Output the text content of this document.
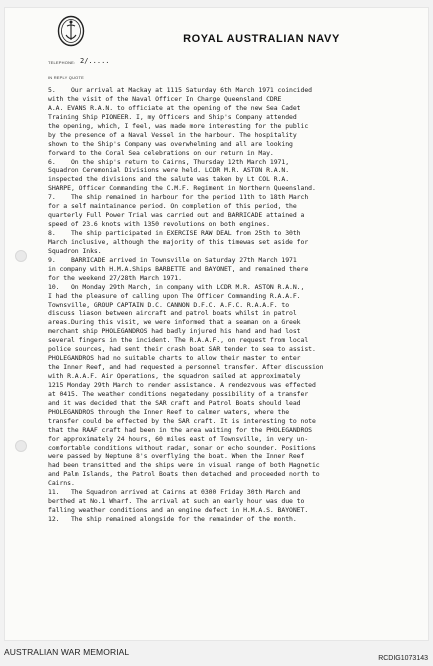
ROYAL AUSTRALIAN NAVY
TELEPHONE: 2/.....
IN REPLY QUOTE
5.    Our arrival at Mackay at 1115 Saturday 6th March 1971 coincided
with the visit of the Naval Officer In Charge Queensland CDRE
A.A. EVANS R.A.N. to officiate at the opening of the new Sea Cadet
Training Ship PIONEER. I, my Officers and Ship's Company attended
the opening, which, I feel, was made more interesting for the public
by the presence of a Naval Vessel in the harbour. The hospitality
shown to the Ship's Company was overwhelming and all are looking
forward to the Coral Sea celebrations on our return in May.
6.    On the ship's return to Cairns, Thursday 12th March 1971,
Squadron Ceremonial Divisions were held. LCDR M.R. ASTON R.A.N.
inspected the divisions and the salute was taken by Lt COL R.A.
SHARPE, Officer Commanding the C.M.F. Regiment in Northern Queensland.
7.    The ship remained in harbour for the period 11th to 18th March
for a self maintainance period. On completion of this period, the
quarterly Full Power Trial was carried out and BARRICADE attained a
speed of 23.6 knots with 1350 revolutions on both engines.
8.    The ship participated in EXERCISE RAW DEAL from 25th to 30th
March inclusive, although the majority of this timewas set aside for
Squadron Inks.
9.    BARRICADE arrived in Townsville on Saturday 27th March 1971
in company with H.M.A.Ships BARBETTE and BAYONET, and remained there
for the weekend 27/28th March 1971.
10.   On Monday 29th March, in company with LCDR M.R. ASTON R.A.N.,
I had the pleasure of calling upon The Officer Commanding R.A.A.F.
Townsville, GROUP CAPTAIN D.C. CANNON D.F.C. A.F.C. R.A.A.F. to
discuss liason between aircraft and patrol boats whilst in patrol
areas.During this visit, we were informed that a seaman on a Greek
merchant ship PHOLEGANDROS had badly injured his hand and had lost
several fingers in the incident. The R.A.A.F., on request from local
police sources, had sent their crash boat SAR tender to sea to assist.
PHOLEGANDROS had no suitable charts to allow their master to enter
the Inner Reef, and had requested a personnel transfer. After discussion
with R.A.A.F. Air Operations, the squadron sailed at approximately
1215 Monday 29th March to render assistance. A rendezvous was effected
at 0415. The weather conditions negatedany possibility of a transfer
and it was decided that the SAR craft and Patrol Boats should lead
PHOLEGANDROS through the Inner Reef to calmer waters, where the
transfer could be effected by the SAR craft. It is interesting to note
that the RAAF craft had been in the area waiting for the PHOLEGANDROS
for approximately 24 hours, 60 miles east of Townsville, in very un-
comfortable conditions without radar, sonar or echo sounder. Positions
were passed by Neptune 8's overflying the boat. When the Inner Reef
had been transitted and the ships were in visual range of both Magnetic
and Palm Islands, the Patrol Boats then detached and proceeded north to
Cairns.
11.   The Squadron arrived at Cairns at 0300 Friday 30th March and
berthed at No.1 Wharf. The arrival at such an early hour was due to
falling weather conditions and an engine defect in H.M.A.S. BAYONET.
12.   The ship remained alongside for the remainder of the month.
AUSTRALIAN WAR MEMORIAL
RCDIG1073143
